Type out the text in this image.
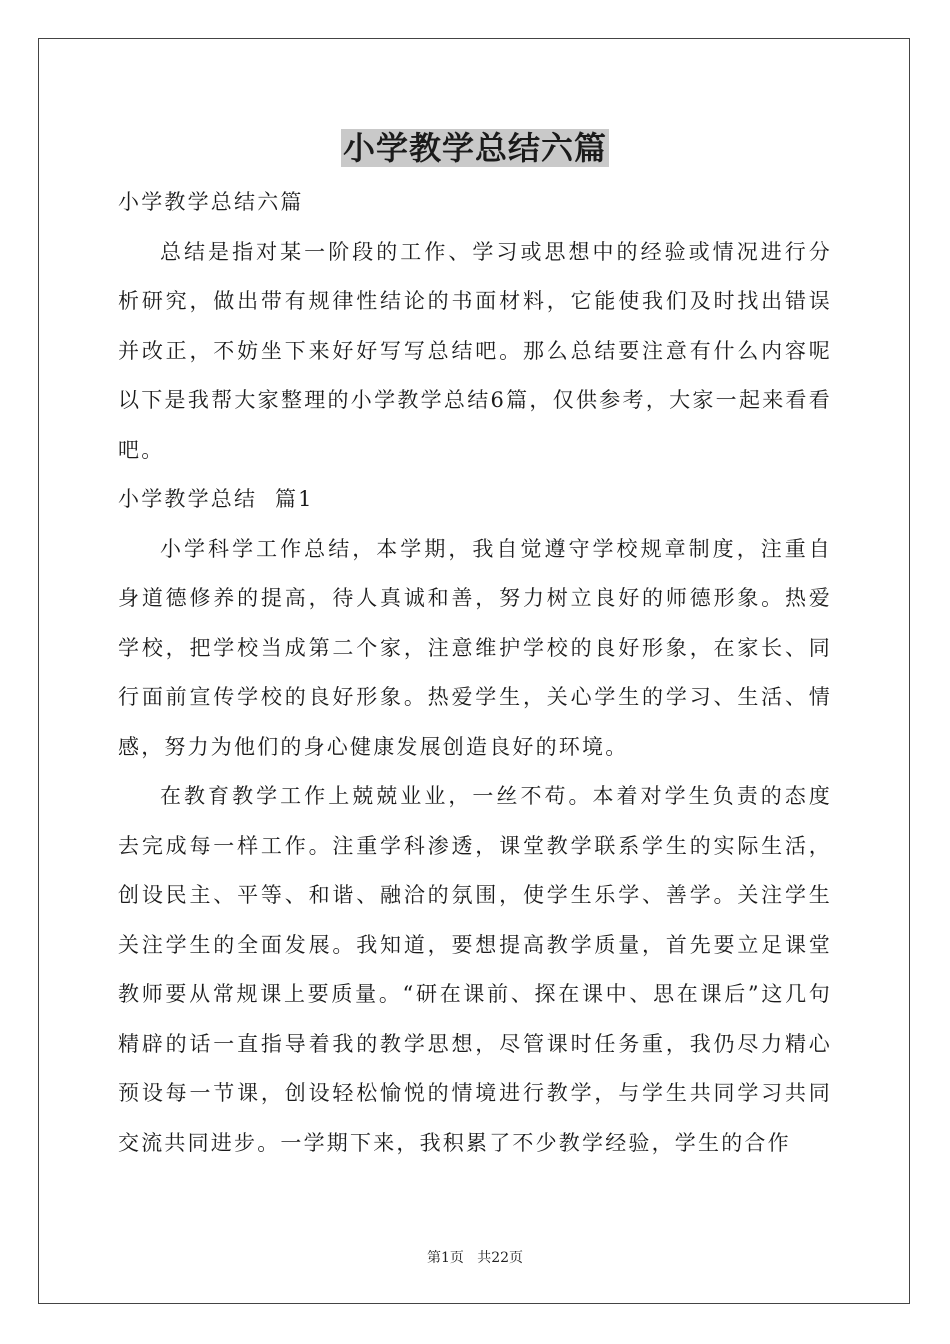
小学教学总结六篇

小学教学总结六篇

总结是指对某一阶段的工作、学习或思想中的经验或情况进行分析研究，做出带有规律性结论的书面材料，它能使我们及时找出错误并改正，不妨坐下来好好写写总结吧。那么总结要注意有什么内容呢以下是我帮大家整理的小学教学总结6篇，仅供参考，大家一起来看看吧。

小学教学总结  篇1

小学科学工作总结，本学期，我自觉遵守学校规章制度，注重自身道德修养的提高，待人真诚和善，努力树立良好的师德形象。热爱学校，把学校当成第二个家，注意维护学校的良好形象，在家长、同行面前宣传学校的良好形象。热爱学生，关心学生的学习、生活、情感，努力为他们的身心健康发展创造良好的环境。

在教育教学工作上兢兢业业，一丝不苟。本着对学生负责的态度去完成每一样工作。注重学科渗透，课堂教学联系学生的实际生活，创设民主、平等、和谐、融洽的氛围，使学生乐学、善学。关注学生关注学生的全面发展。我知道，要想提高教学质量，首先要立足课堂教师要从常规课上要质量。“研在课前、探在课中、思在课后”这几句精辟的话一直指导着我的教学思想，尽管课时任务重，我仍尽力精心预设每一节课，创设轻松愉悦的情境进行教学，与学生共同学习共同交流共同进步。一学期下来，我积累了不少教学经验，学生的合作

第1页   共22页
